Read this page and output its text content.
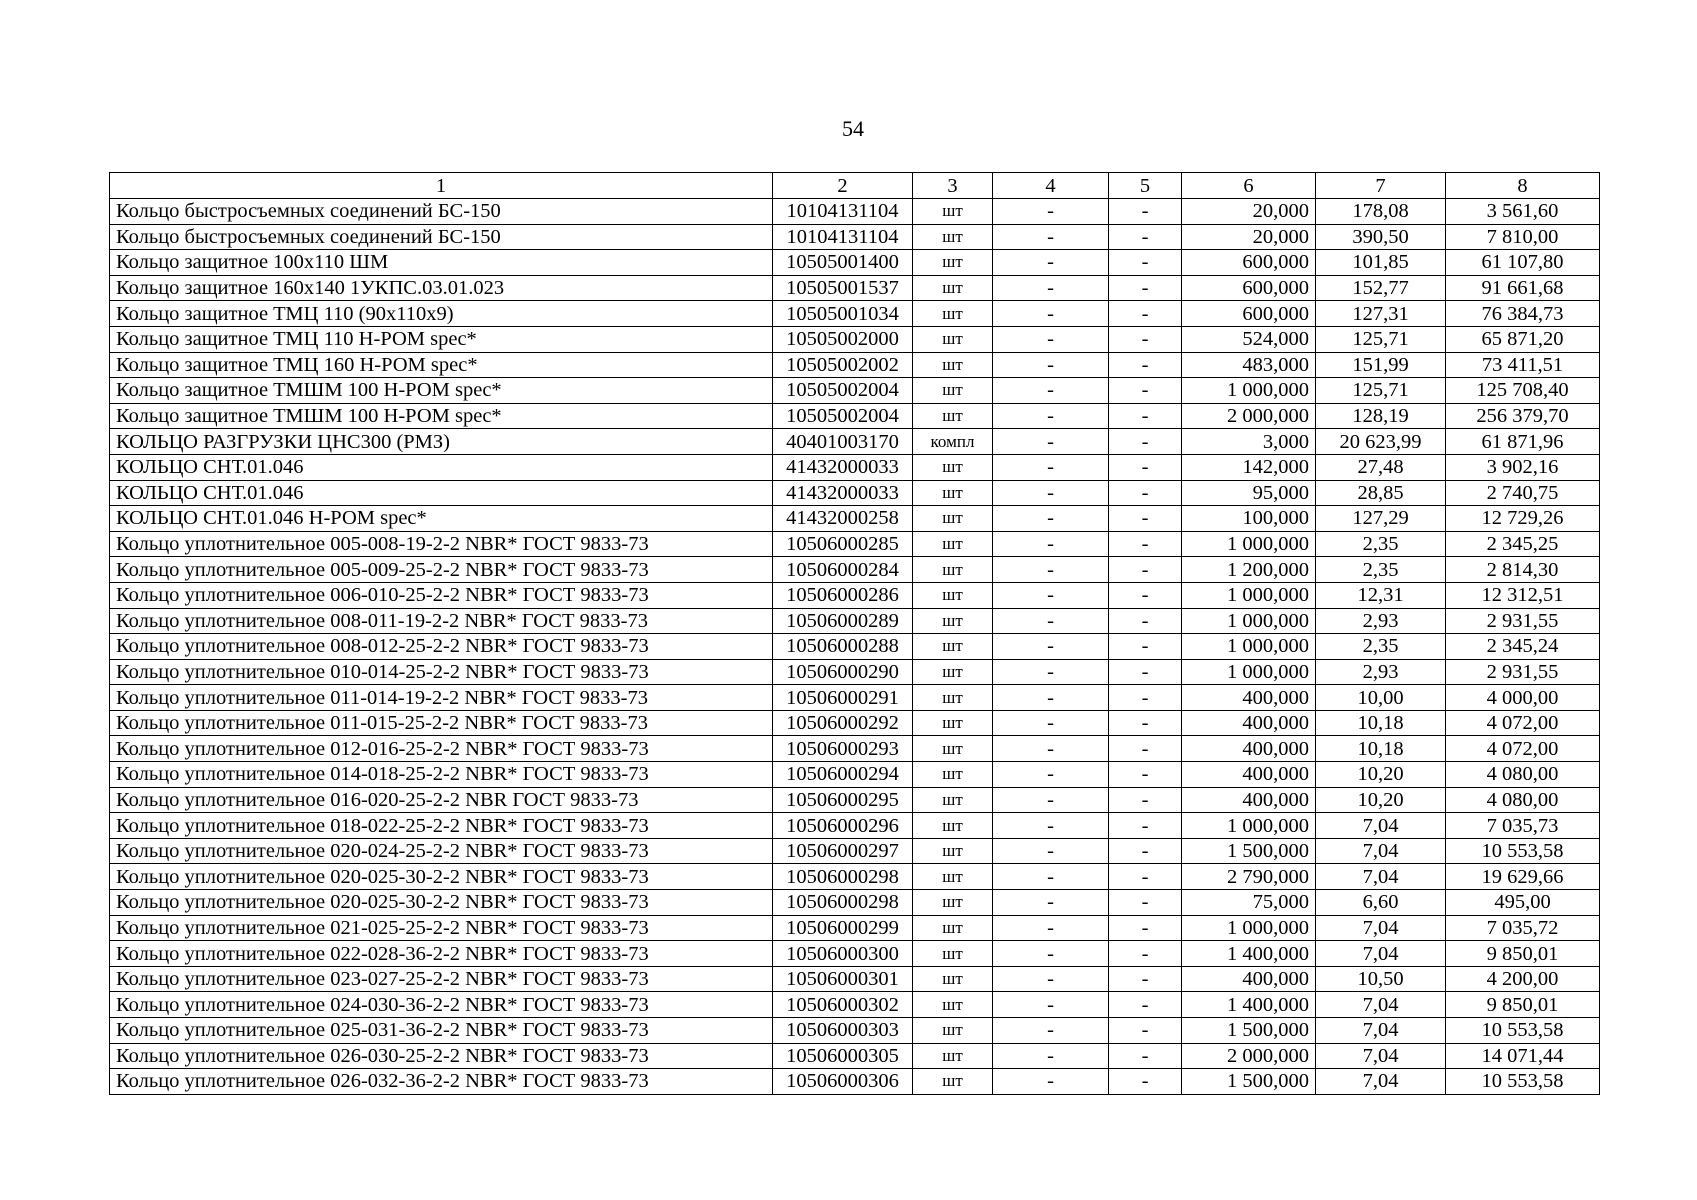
54
1	2	3	4	5	6	7	8
Кольцо быстросъемных соединений БС-150	10104131104	шт	-	-	20,000	178,08	3 561,60
Кольцо быстросъемных соединений БС-150	10104131104	шт	-	-	20,000	390,50	7 810,00
Кольцо защитное 100х110 ШМ	10505001400	шт	-	-	600,000	101,85	61 107,80
Кольцо защитное 160х140 1УКПС.03.01.023	10505001537	шт	-	-	600,000	152,77	91 661,68
Кольцо защитное ТМЦ 110 (90х110х9)	10505001034	шт	-	-	600,000	127,31	76 384,73
Кольцо защитное ТМЦ 110 Н-РОМ spec*	10505002000	шт	-	-	524,000	125,71	65 871,20
Кольцо защитное ТМЦ 160 Н-РОМ spec*	10505002002	шт	-	-	483,000	151,99	73 411,51
Кольцо защитное ТМШМ 100 Н-РОМ spec*	10505002004	шт	-	-	1 000,000	125,71	125 708,40
Кольцо защитное ТМШМ 100 Н-РОМ spec*	10505002004	шт	-	-	2 000,000	128,19	256 379,70
КОЛЬЦО РАЗГРУЗКИ ЦНС300 (РМЗ)	40401003170	компл	-	-	3,000	20 623,99	61 871,96
КОЛЬЦО СНТ.01.046	41432000033	шт	-	-	142,000	27,48	3 902,16
КОЛЬЦО СНТ.01.046	41432000033	шт	-	-	95,000	28,85	2 740,75
КОЛЬЦО СНТ.01.046 Н-РОМ spec*	41432000258	шт	-	-	100,000	127,29	12 729,26
Кольцо уплотнительное 005-008-19-2-2 NBR* ГОСТ 9833-73	10506000285	шт	-	-	1 000,000	2,35	2 345,25
Кольцо уплотнительное 005-009-25-2-2 NBR* ГОСТ 9833-73	10506000284	шт	-	-	1 200,000	2,35	2 814,30
Кольцо уплотнительное 006-010-25-2-2 NBR* ГОСТ 9833-73	10506000286	шт	-	-	1 000,000	12,31	12 312,51
Кольцо уплотнительное 008-011-19-2-2 NBR* ГОСТ 9833-73	10506000289	шт	-	-	1 000,000	2,93	2 931,55
Кольцо уплотнительное 008-012-25-2-2 NBR* ГОСТ 9833-73	10506000288	шт	-	-	1 000,000	2,35	2 345,24
Кольцо уплотнительное 010-014-25-2-2 NBR* ГОСТ 9833-73	10506000290	шт	-	-	1 000,000	2,93	2 931,55
Кольцо уплотнительное 011-014-19-2-2 NBR* ГОСТ 9833-73	10506000291	шт	-	-	400,000	10,00	4 000,00
Кольцо уплотнительное 011-015-25-2-2 NBR* ГОСТ 9833-73	10506000292	шт	-	-	400,000	10,18	4 072,00
Кольцо уплотнительное 012-016-25-2-2 NBR* ГОСТ 9833-73	10506000293	шт	-	-	400,000	10,18	4 072,00
Кольцо уплотнительное 014-018-25-2-2 NBR* ГОСТ 9833-73	10506000294	шт	-	-	400,000	10,20	4 080,00
Кольцо уплотнительное 016-020-25-2-2 NBR ГОСТ 9833-73	10506000295	шт	-	-	400,000	10,20	4 080,00
Кольцо уплотнительное 018-022-25-2-2 NBR* ГОСТ 9833-73	10506000296	шт	-	-	1 000,000	7,04	7 035,73
Кольцо уплотнительное 020-024-25-2-2 NBR* ГОСТ 9833-73	10506000297	шт	-	-	1 500,000	7,04	10 553,58
Кольцо уплотнительное 020-025-30-2-2 NBR* ГОСТ 9833-73	10506000298	шт	-	-	2 790,000	7,04	19 629,66
Кольцо уплотнительное 020-025-30-2-2 NBR* ГОСТ 9833-73	10506000298	шт	-	-	75,000	6,60	495,00
Кольцо уплотнительное 021-025-25-2-2 NBR* ГОСТ 9833-73	10506000299	шт	-	-	1 000,000	7,04	7 035,72
Кольцо уплотнительное 022-028-36-2-2 NBR* ГОСТ 9833-73	10506000300	шт	-	-	1 400,000	7,04	9 850,01
Кольцо уплотнительное 023-027-25-2-2 NBR* ГОСТ 9833-73	10506000301	шт	-	-	400,000	10,50	4 200,00
Кольцо уплотнительное 024-030-36-2-2 NBR* ГОСТ 9833-73	10506000302	шт	-	-	1 400,000	7,04	9 850,01
Кольцо уплотнительное 025-031-36-2-2 NBR* ГОСТ 9833-73	10506000303	шт	-	-	1 500,000	7,04	10 553,58
Кольцо уплотнительное 026-030-25-2-2 NBR* ГОСТ 9833-73	10506000305	шт	-	-	2 000,000	7,04	14 071,44
Кольцо уплотнительное 026-032-36-2-2 NBR* ГОСТ 9833-73	10506000306	шт	-	-	1 500,000	7,04	10 553,58
